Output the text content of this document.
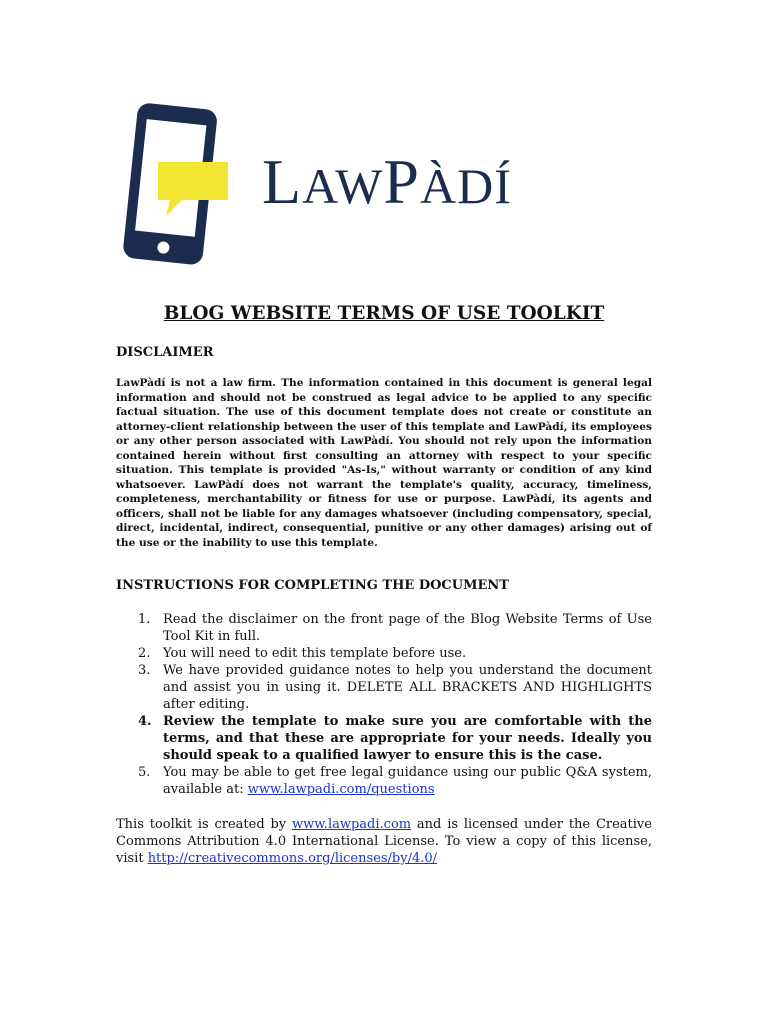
LAWPÀDÍ
BLOG WEBSITE TERMS OF USE TOOLKIT
DISCLAIMER
LawPàdí is not a law firm. The information contained in this document is general legal information and should not be construed as legal advice to be applied to any specific factual situation. The use of this document template does not create or constitute an attorney-client relationship between the user of this template and LawPàdí, its employees or any other person associated with LawPàdí. You should not rely upon the information contained herein without first consulting an attorney with respect to your specific situation. This template is provided "As-Is," without warranty or condition of any kind whatsoever. LawPàdí does not warrant the template's quality, accuracy, timeliness, completeness, merchantability or fitness for use or purpose. LawPàdí, its agents and officers, shall not be liable for any damages whatsoever (including compensatory, special, direct, incidental, indirect, consequential, punitive or any other damages) arising out of the use or the inability to use this template.
INSTRUCTIONS FOR COMPLETING THE DOCUMENT
1. Read the disclaimer on the front page of the Blog Website Terms of Use Tool Kit in full.
2. You will need to edit this template before use.
3. We have provided guidance notes to help you understand the document and assist you in using it. DELETE ALL BRACKETS AND HIGHLIGHTS after editing.
4. Review the template to make sure you are comfortable with the terms, and that these are appropriate for your needs. Ideally you should speak to a qualified lawyer to ensure this is the case.
5. You may be able to get free legal guidance using our public Q&A system, available at: www.lawpadi.com/questions
This toolkit is created by www.lawpadi.com and is licensed under the Creative Commons Attribution 4.0 International License. To view a copy of this license, visit http://creativecommons.org/licenses/by/4.0/
